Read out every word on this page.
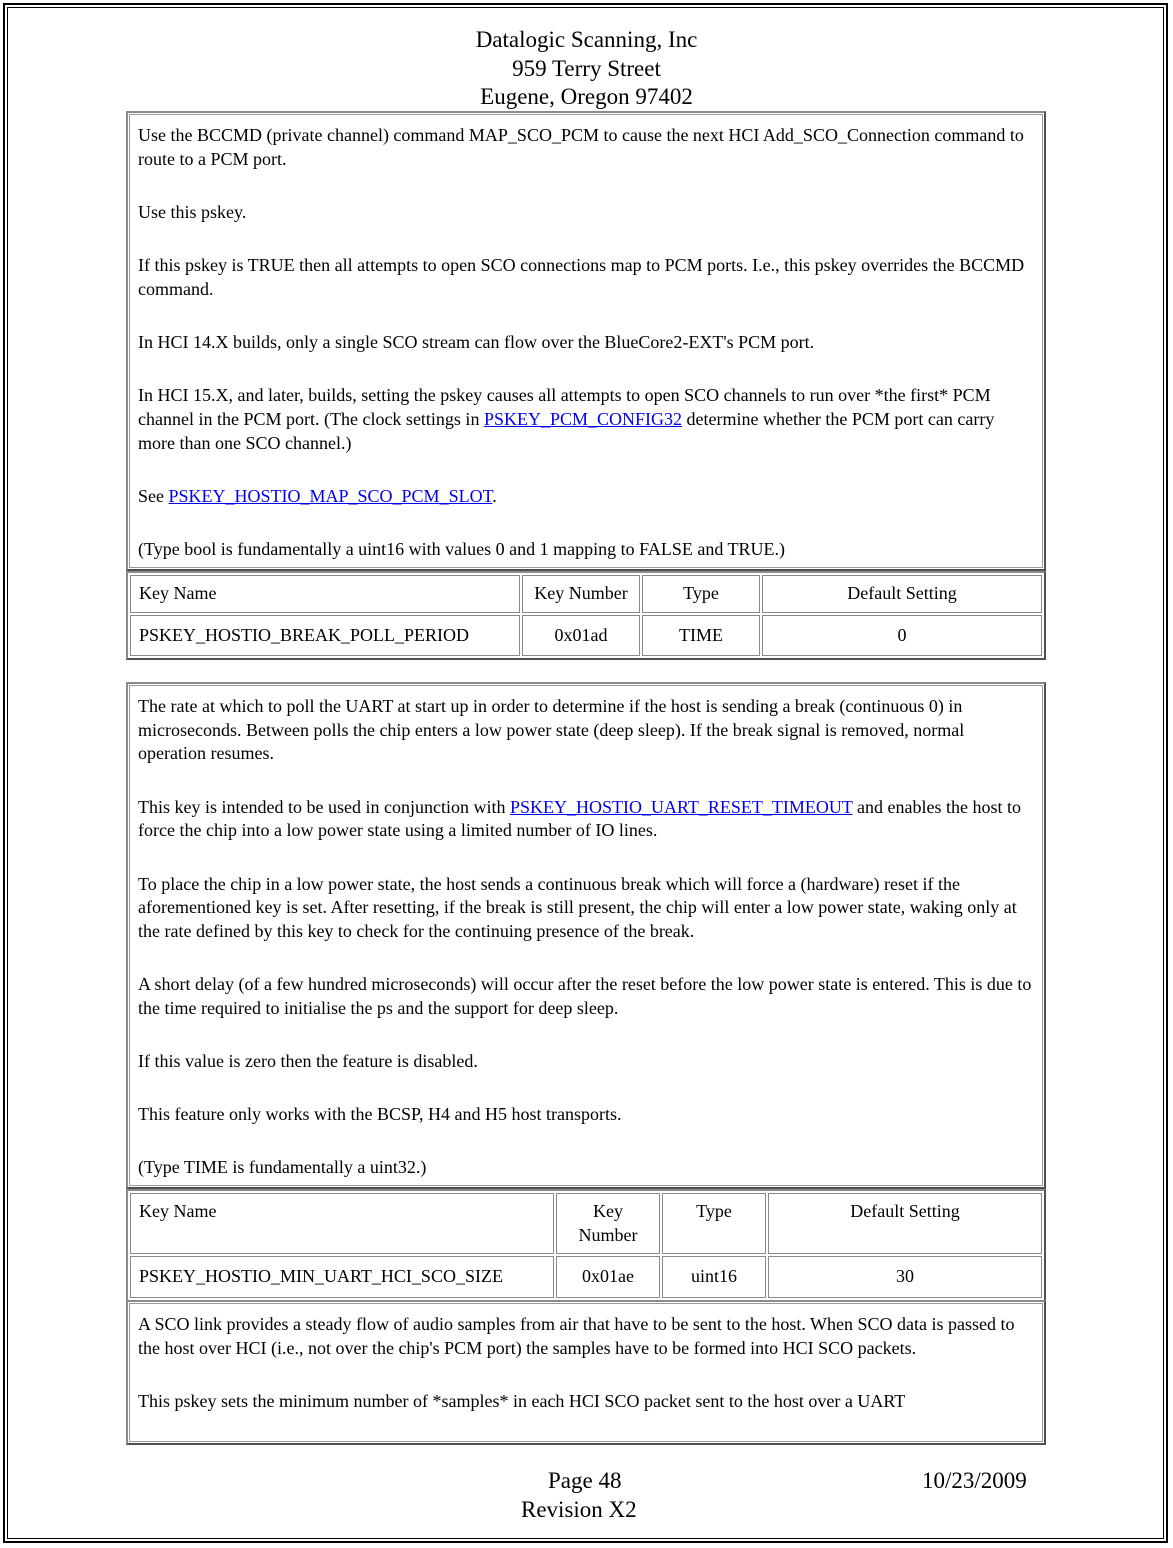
Datalogic Scanning, Inc
959 Terry Street
Eugene, Oregon 97402

Use the BCCMD (private channel) command MAP_SCO_PCM to cause the next HCI Add_SCO_Connection command to route to a PCM port.

Use this pskey.

If this pskey is TRUE then all attempts to open SCO connections map to PCM ports. I.e., this pskey overrides the BCCMD command.

In HCI 14.X builds, only a single SCO stream can flow over the BlueCore2-EXT's PCM port.

In HCI 15.X, and later, builds, setting the pskey causes all attempts to open SCO channels to run over *the first* PCM channel in the PCM port. (The clock settings in PSKEY_PCM_CONFIG32 determine whether the PCM port can carry more than one SCO channel.)

See PSKEY_HOSTIO_MAP_SCO_PCM_SLOT.

(Type bool is fundamentally a uint16 with values 0 and 1 mapping to FALSE and TRUE.)

Key Name	Key Number	Type	Default Setting
PSKEY_HOSTIO_BREAK_POLL_PERIOD	0x01ad	TIME	0

The rate at which to poll the UART at start up in order to determine if the host is sending a break (continuous 0) in microseconds. Between polls the chip enters a low power state (deep sleep). If the break signal is removed, normal operation resumes.

This key is intended to be used in conjunction with PSKEY_HOSTIO_UART_RESET_TIMEOUT and enables the host to force the chip into a low power state using a limited number of IO lines.

To place the chip in a low power state, the host sends a continuous break which will force a (hardware) reset if the aforementioned key is set. After resetting, if the break is still present, the chip will enter a low power state, waking only at the rate defined by this key to check for the continuing presence of the break.

A short delay (of a few hundred microseconds) will occur after the reset before the low power state is entered. This is due to the time required to initialise the ps and the support for deep sleep.

If this value is zero then the feature is disabled.

This feature only works with the BCSP, H4 and H5 host transports.

(Type TIME is fundamentally a uint32.)

Key Name	Key Number	Type	Default Setting
PSKEY_HOSTIO_MIN_UART_HCI_SCO_SIZE	0x01ae	uint16	30

A SCO link provides a steady flow of audio samples from air that have to be sent to the host. When SCO data is passed to the host over HCI (i.e., not over the chip's PCM port) the samples have to be formed into HCI SCO packets.

This pskey sets the minimum number of *samples* in each HCI SCO packet sent to the host over a UART

Page 48	10/23/2009
Revision X2
